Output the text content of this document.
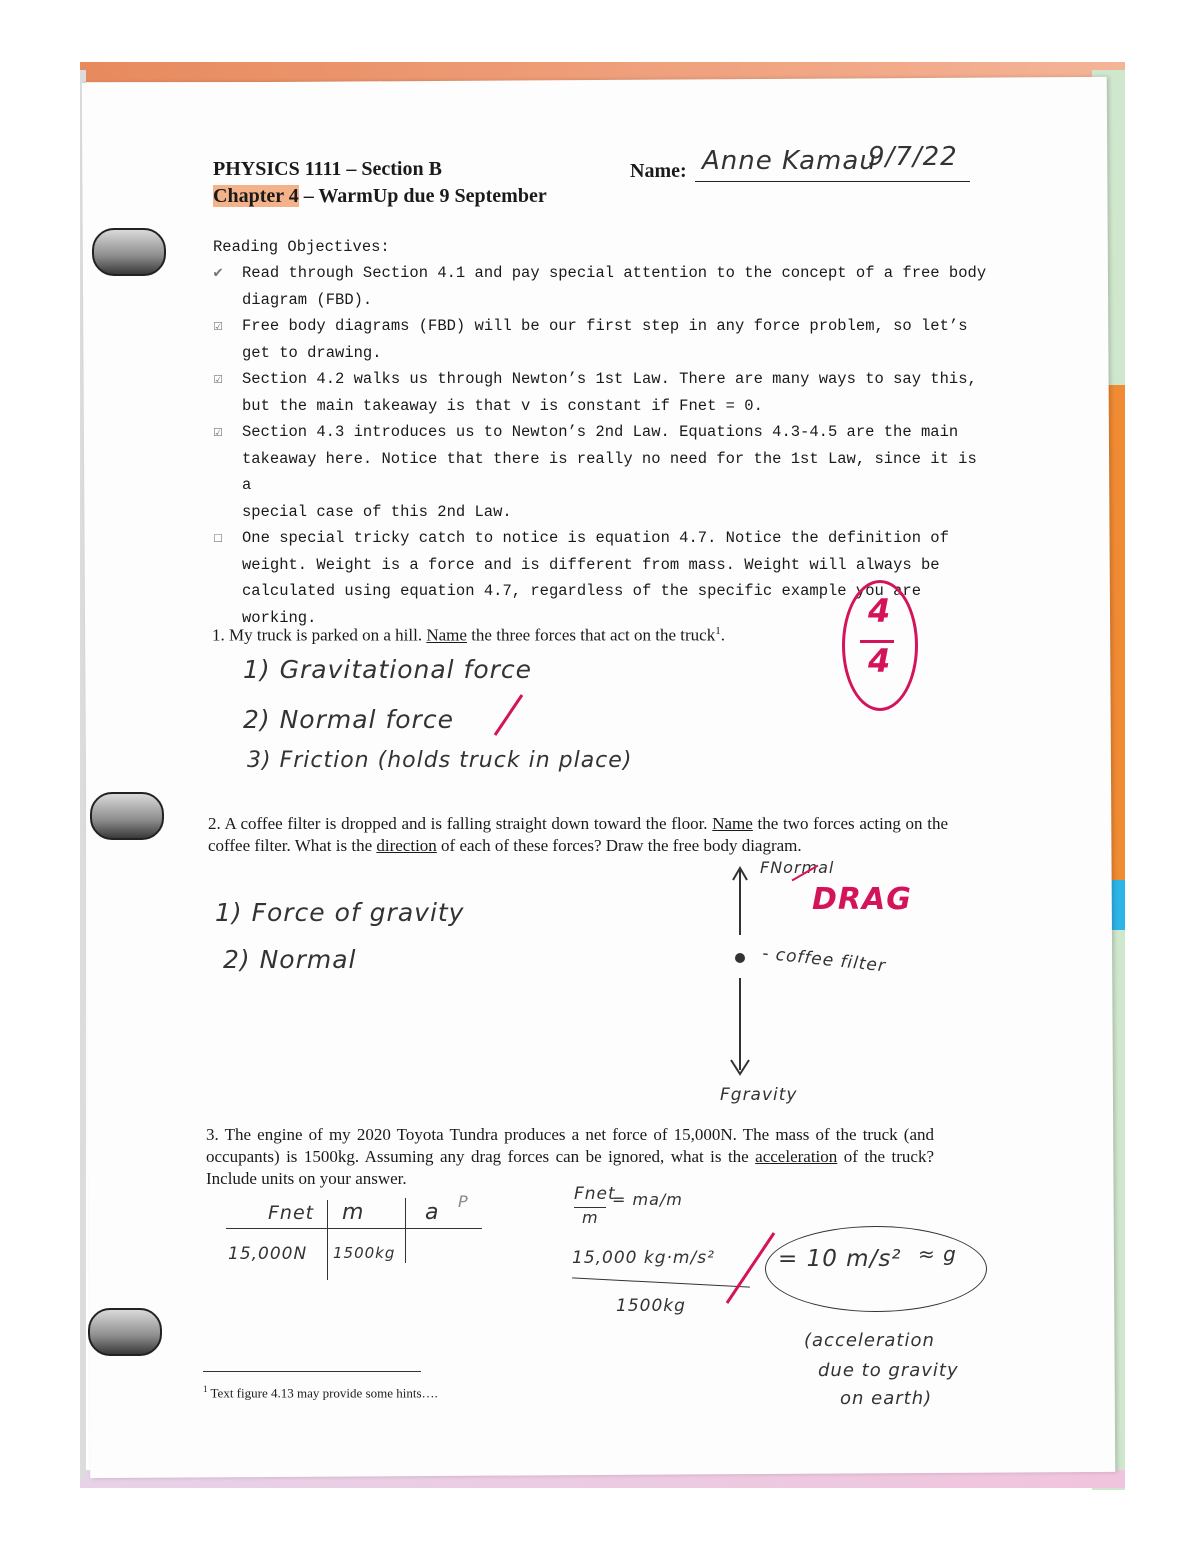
PHYSICS 1111 – Section B
Chapter 4 – WarmUp due 9 September
Name: Anne Kamau
9/7/22
Reading Objectives:
✔ Read through Section 4.1 and pay special attention to the concept of a free body
diagram (FBD).
☑ Free body diagrams (FBD) will be our first step in any force problem, so let’s
get to drawing.
☑ Section 4.2 walks us through Newton’s 1st Law. There are many ways to say this,
but the main takeaway is that v is constant if Fnet = 0.
☑ Section 4.3 introduces us to Newton’s 2nd Law. Equations 4.3-4.5 are the main
takeaway here. Notice that there is really no need for the 1st Law, since it is a
special case of this 2nd Law.
☐ One special tricky catch to notice is equation 4.7. Notice the definition of
weight. Weight is a force and is different from mass. Weight will always be
calculated using equation 4.7, regardless of the specific example you are
working.	4
4
1. My truck is parked on a hill. Name the three forces that act on the truck$^1$.
1) Gravitational force
2) Normal force
3) Friction (holds truck in place)
2. A coffee filter is dropped and is falling straight down toward the floor. Name the two forces acting on the coffee filter. What is the direction of each of these forces? Draw the free body diagram.
1) Force of gravity
2) Normal
FNormal
DRAG
- coffee filter
Fgravity
3. The engine of my 2020 Toyota Tundra produces a net force of 15,000N. The mass of the truck (and occupants) is 1500kg. Assuming any drag forces can be ignored, what is the acceleration of the truck? Include units on your answer.
Fnet m	a
15,000N 1500kg
P	Fnet
m
= ma/m
15,000 kg·m/s²
1500kg
= 10 m/s² ≈ g
(acceleration
due to gravity
on earth)
$^1$ Text figure 4.13 may provide some hints….
